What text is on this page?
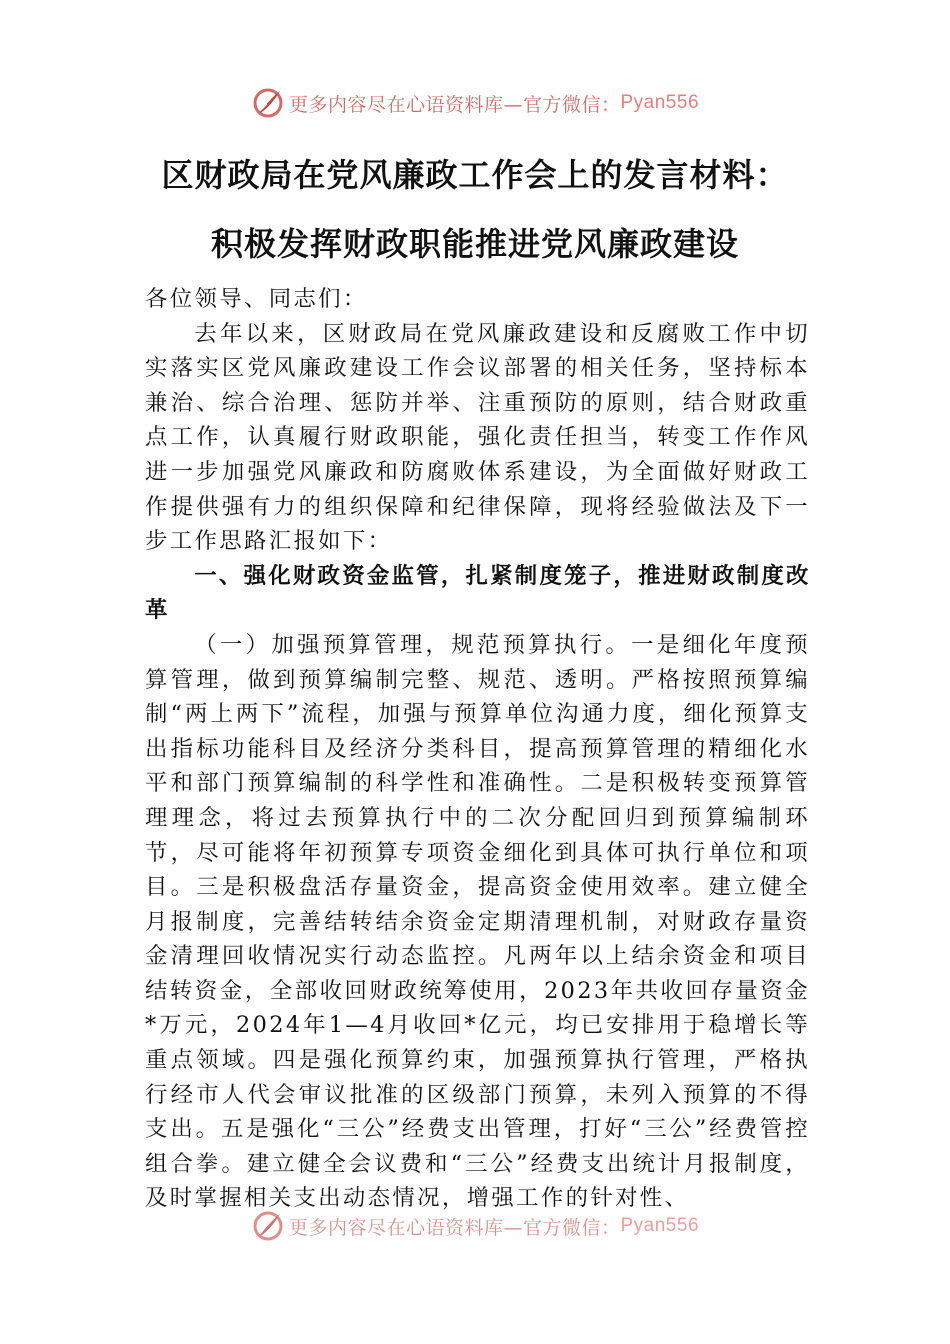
更多内容尽在心语资料库—官方微信： Pyan556
区财政局在党风廉政工作会上的发言材料：
积极发挥财政职能推进党风廉政建设

各位领导、同志们：

去年以来，区财政局在党风廉政建设和反腐败工作中切实落实区党风廉政建设工作会议部署的相关任务，坚持标本兼治、综合治理、惩防并举、注重预防的原则，结合财政重点工作，认真履行财政职能，强化责任担当，转变工作作风进一步加强党风廉政和防腐败体系建设，为全面做好财政工作提供强有力的组织保障和纪律保障，现将经验做法及下一步工作思路汇报如下：

一、强化财政资金监管，扎紧制度笼子，推进财政制度改革

（一）加强预算管理，规范预算执行。一是细化年度预算管理，做到预算编制完整、规范、透明。严格按照预算编制“两上两下”流程，加强与预算单位沟通力度，细化预算支出指标功能科目及经济分类科目，提高预算管理的精细化水平和部门预算编制的科学性和准确性。二是积极转变预算管理理念，将过去预算执行中的二次分配回归到预算编制环节，尽可能将年初预算专项资金细化到具体可执行单位和项目。三是积极盘活存量资金，提高资金使用效率。建立健全月报制度，完善结转结余资金定期清理机制，对财政存量资金清理回收情况实行动态监控。凡两年以上结余资金和项目结转资金，全部收回财政统筹使用，2023年共收回存量资金*万元，2024年1—4月收回*亿元，均已安排用于稳增长等重点领域。四是强化预算约束，加强预算执行管理，严格执行经市人代会审议批准的区级部门预算，未列入预算的不得支出。五是强化“三公”经费支出管理，打好“三公”经费管控组合拳。建立健全会议费和“三公”经费支出统计月报制度，及时掌握相关支出动态情况，增强工作的针对性、

更多内容尽在心语资料库—官方微信： Pyan556
